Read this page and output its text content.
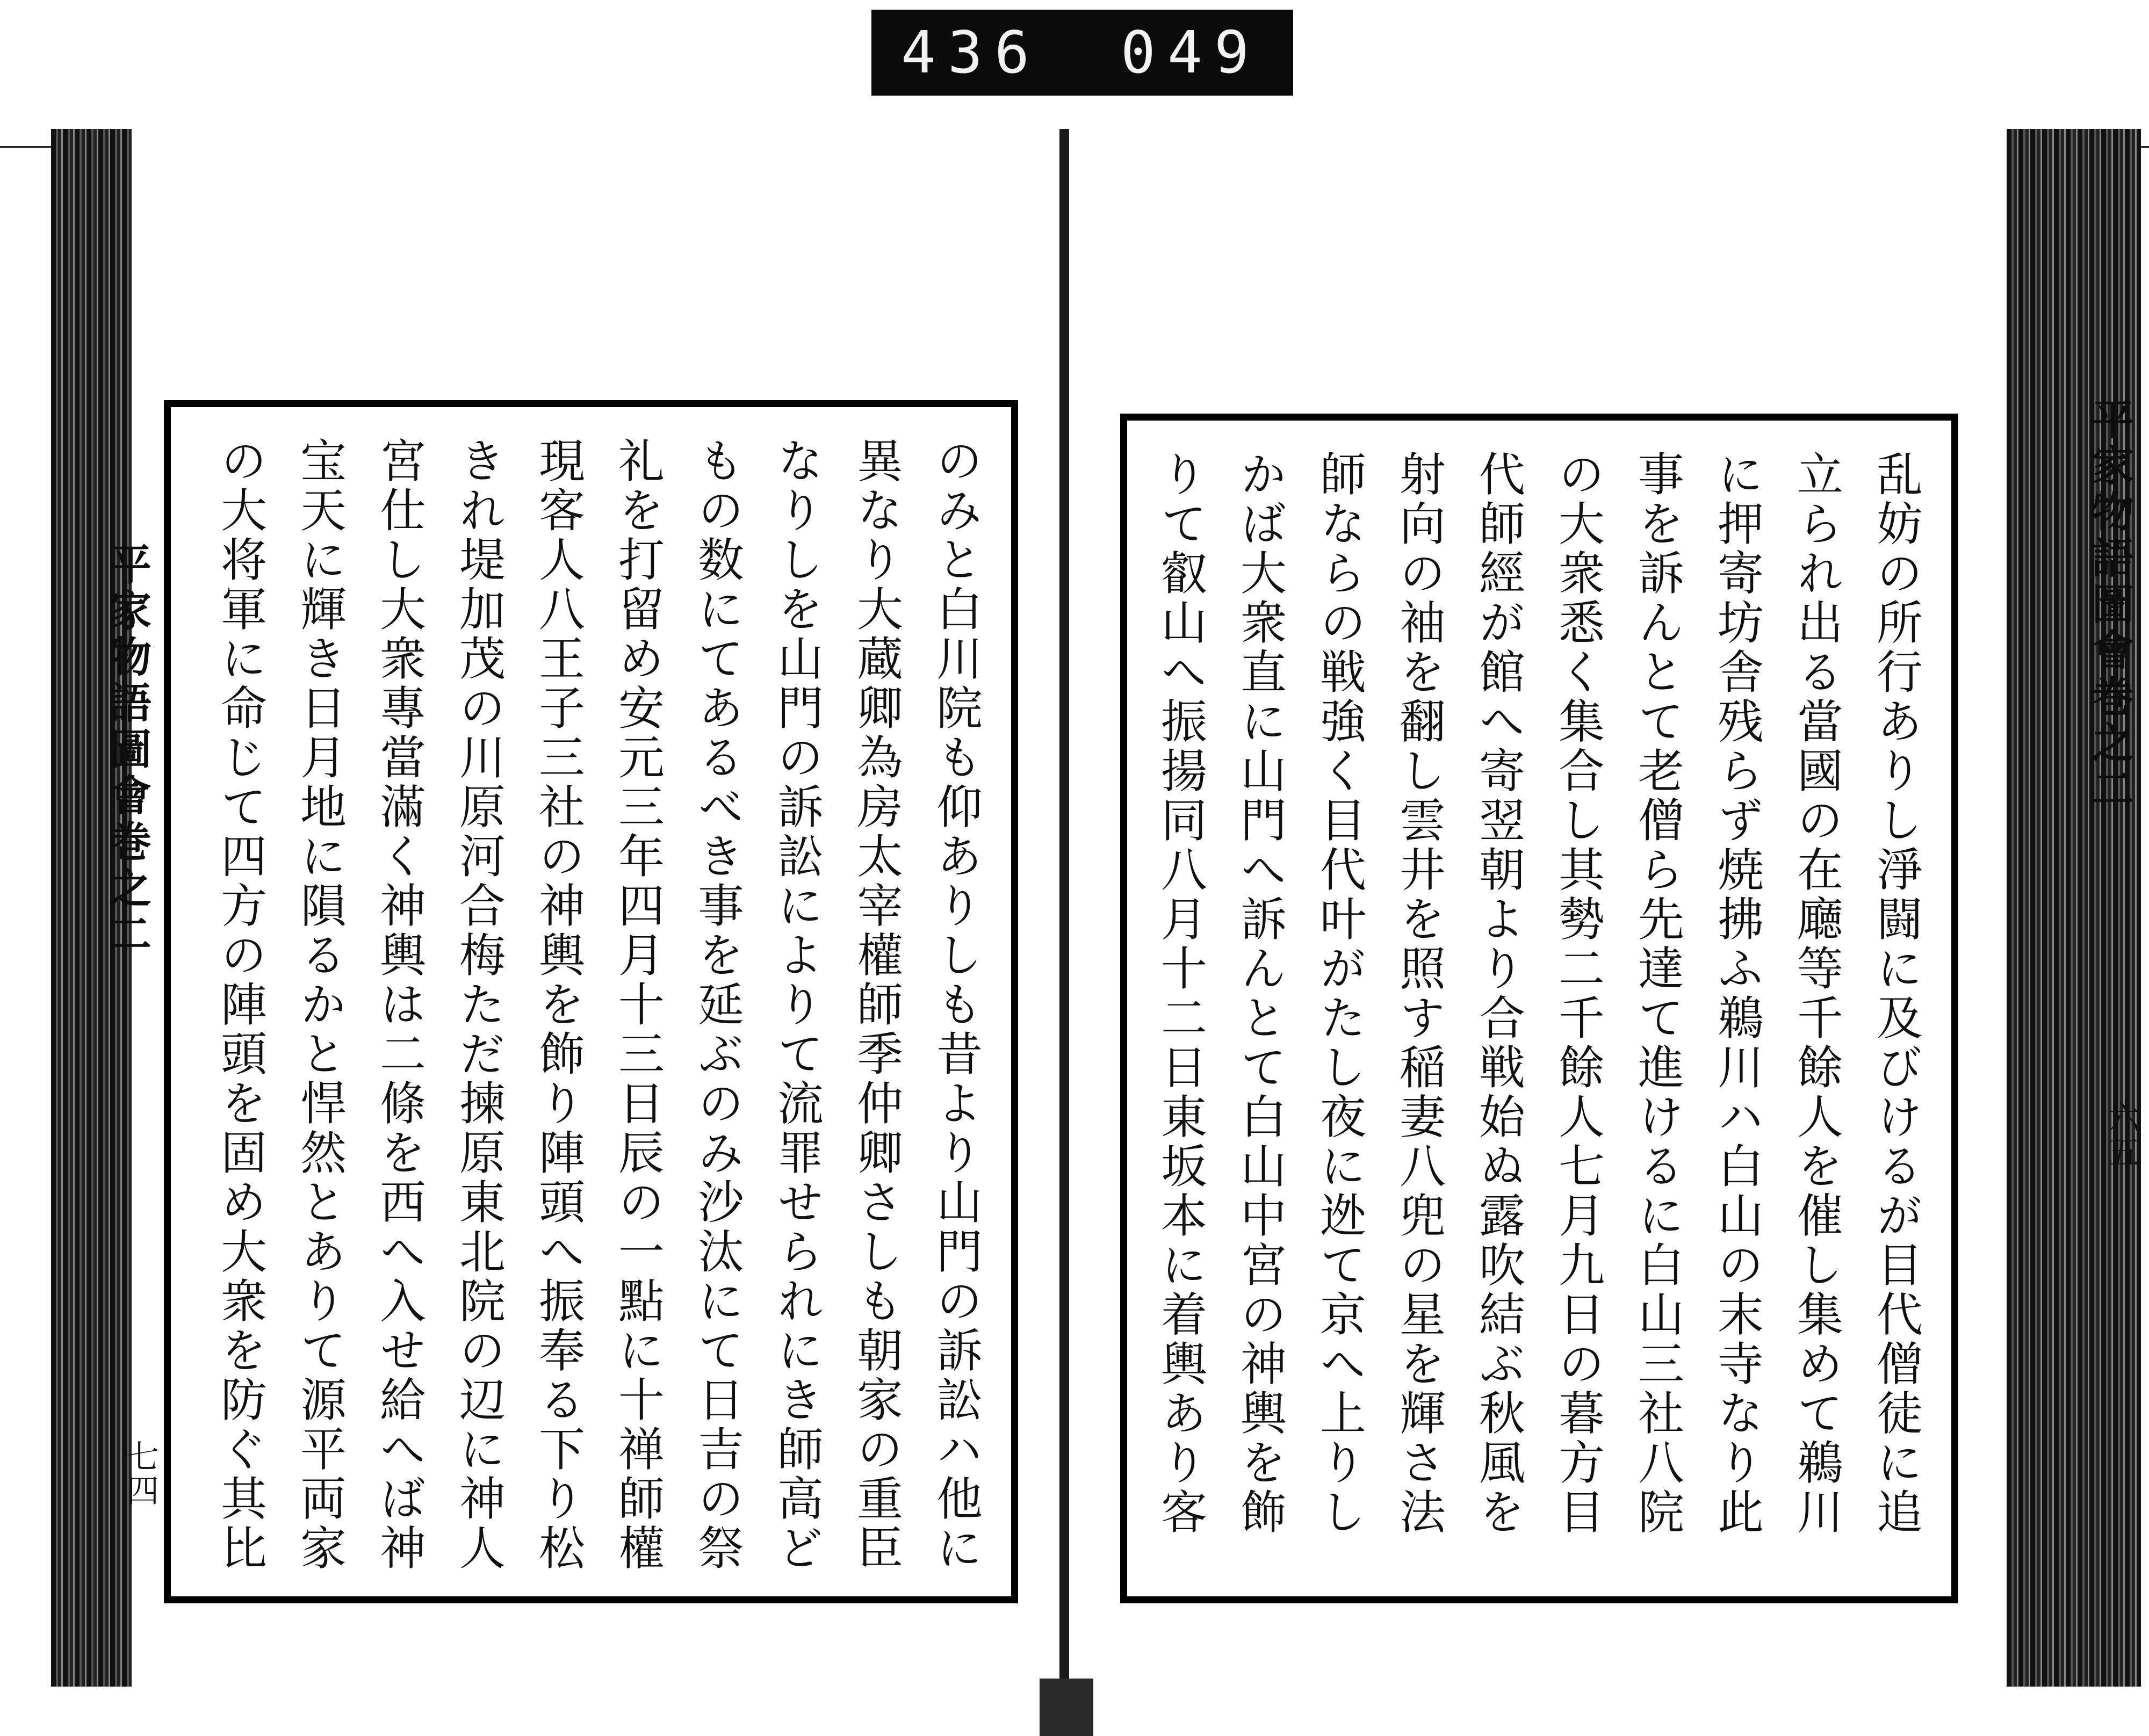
436 049
平家物語圖會巻之二
七四
平家物語圖會巻之二
六五
のみと白川院も仰ありしも昔より山門の訴訟ハ他に異なり大蔵卿為房太宰權師季仲卿さしも朝家の重臣なりしを山門の訴訟によりて流罪せられにき師高どもの数にてあるべき事を延ぶのみ沙汰にて日吉の祭礼を打留め安元三年四月十三日辰の一點に十禅師權現客人八王子三社の神輿を飾り陣頭へ振奉る下り松きれ堤加茂の川原河合梅ただ揀原東北院の辺に神人宮仕し大衆專當滿く神輿は二條を西へ入せ給へば神宝天に輝き日月地に隕るかと悍然とありて源平両家の大将軍に命じて四方の陣頭を固め大衆を防ぐ其比
乱妨の所行ありし淨闘に及びけるが目代僧徒に追立られ出る當國の在廰等千餘人を催し集めて鵜川に押寄坊舎残らず焼拂ふ鵜川ハ白山の末寺なり此事を訴んとて老僧ら先達て進けるに白山三社八院の大衆悉く集合し其勢二千餘人七月九日の暮方目代師經が館へ寄翌朝より合戦始ぬ露吹結ぶ秋風を射向の袖を翻し雲井を照す稲妻八兜の星を輝さ法師ならの戦強く目代叶がたし夜に迯て京へ上りしかば大衆直に山門へ訴んとて白山中宮の神輿を飾りて叡山へ振揚同八月十二日東坂本に着輿あり客
